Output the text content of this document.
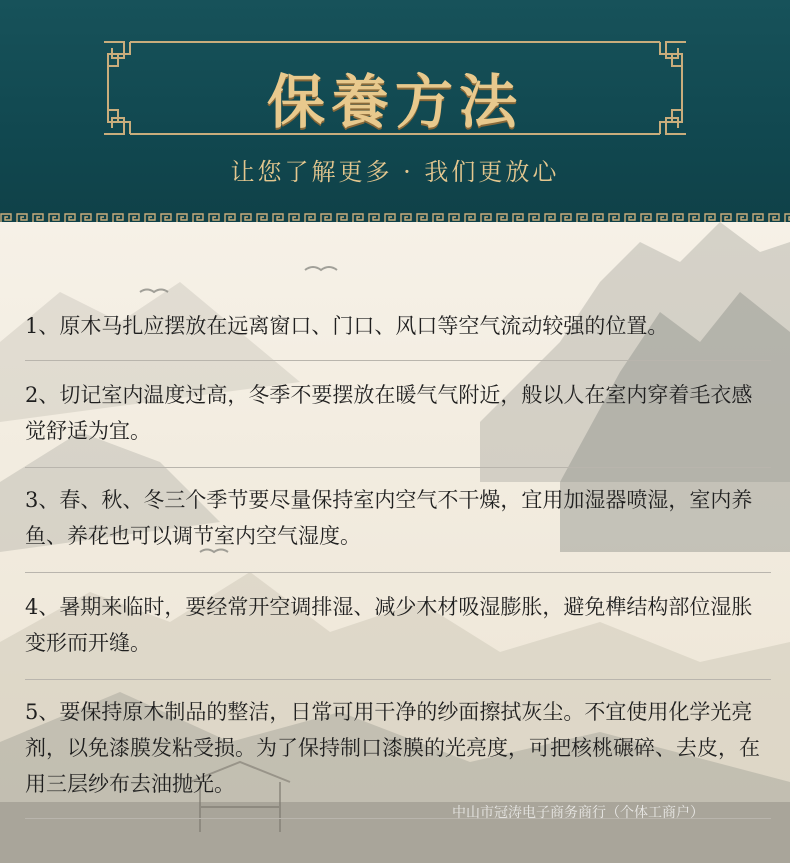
保養方法
让您了解更多 · 我们更放心
1、原木马扎应摆放在远离窗口、门口、风口等空气流动较强的位置。
2、切记室内温度过高，冬季不要摆放在暖气气附近，般以人在室内穿着毛衣感觉舒适为宜。
3、春、秋、冬三个季节要尽量保持室内空气不干燥，宜用加湿器喷湿，室内养鱼、养花也可以调节室内空气湿度。
4、暑期来临时，要经常开空调排湿、减少木材吸湿膨胀，避免榫结构部位湿胀变形而开缝。
5、要保持原木制品的整洁，日常可用干净的纱面擦拭灰尘。不宜使用化学光亮剂，以免漆膜发粘受损。为了保持制口漆膜的光亮度，可把核桃碾碎、去皮，在用三层纱布去油抛光。
中山市冠涛电子商务商行（个体工商户）
